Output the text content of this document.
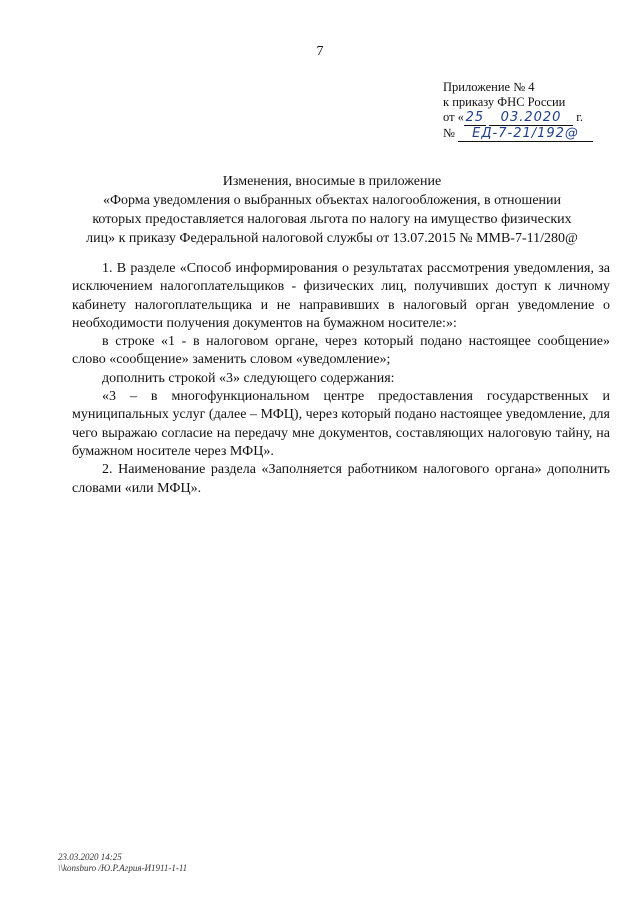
7
Приложение № 4
к приказу ФНС России
от « 25 03.2020 г.
№ ЕД-7-21/192@
Изменения, вносимые в приложение
«Форма уведомления о выбранных объектах налогообложения, в отношении
которых предоставляется налоговая льгота по налогу на имущество физических
лиц» к приказу Федеральной налоговой службы от 13.07.2015 № ММВ-7-11/280@

1. В разделе «Способ информирования о результатах рассмотрения уведомления, за исключением налогоплательщиков - физических лиц, получивших доступ к личному кабинету налогоплательщика и не направивших в налоговый орган уведомление о необходимости получения документов на бумажном носителе:»:

в строке «1 - в налоговом органе, через который подано настоящее сообщение» слово «сообщение» заменить словом «уведомление»;

дополнить строкой «3» следующего содержания:

«3 – в многофункциональном центре предоставления государственных и муниципальных услуг (далее – МФЦ), через который подано настоящее уведомление, для чего выражаю согласие на передачу мне документов, составляющих налоговую тайну, на бумажном носителе через МФЦ».

2. Наименование раздела «Заполняется работником налогового органа» дополнить словами «или МФЦ».

23.03.2020 14:25
\\konsburo /Ю.Р.Агрия-И1911-1-11
